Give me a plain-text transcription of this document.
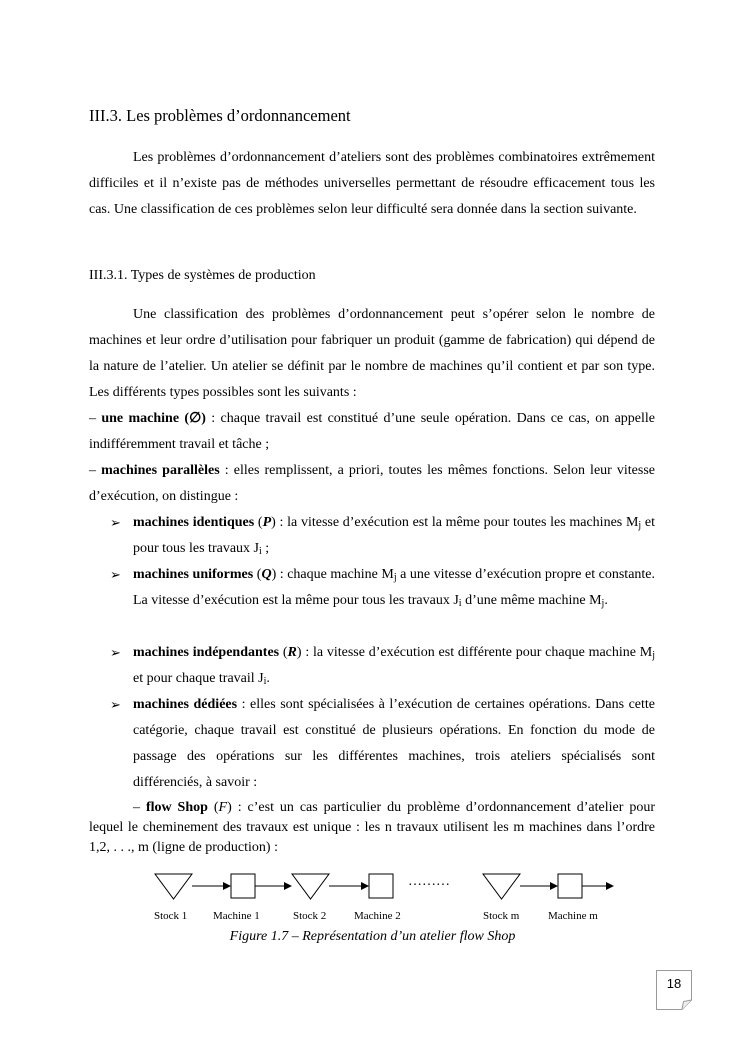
III.3. Les problèmes d’ordonnancement
Les problèmes d’ordonnancement d’ateliers sont des problèmes combinatoires extrêmement difficiles et il n’existe pas de méthodes universelles permettant de résoudre efficacement tous les cas. Une classification de ces problèmes selon leur difficulté sera donnée dans la section suivante.
III.3.1. Types de systèmes de production
Une classification des problèmes d’ordonnancement peut s’opérer selon le nombre de machines et leur ordre d’utilisation pour fabriquer un produit (gamme de fabrication) qui dépend de la nature de l’atelier. Un atelier se définit par le nombre de machines qu’il contient et par son type. Les différents types possibles sont les suivants :
– une machine (∅) : chaque travail est constitué d’une seule opération. Dans ce cas, on appelle indifféremment travail et tâche ;
– machines parallèles : elles remplissent, a priori, toutes les mêmes fonctions. Selon leur vitesse d’exécution, on distingue :
➢ machines identiques (P) : la vitesse d’exécution est la même pour toutes les machines $M_j$ et pour tous les travaux $J_i$ ;
➢ machines uniformes (Q) : chaque machine $M_j$ a une vitesse d’exécution propre et constante. La vitesse d’exécution est la même pour tous les travaux $J_i$ d’une même machine $M_j$.
➢ machines indépendantes (R) : la vitesse d’exécution est différente pour chaque machine $M_j$ et pour chaque travail $J_i$.
➢ machines dédiées : elles sont spécialisées à l’exécution de certaines opérations. Dans cette catégorie, chaque travail est constitué de plusieurs opérations. En fonction du mode de passage des opérations sur les différentes machines, trois ateliers spécialisés sont différenciés, à savoir :
– flow Shop (F) : c’est un cas particulier du problème d’ordonnancement d’atelier pour lequel le cheminement des travaux est unique : les n travaux utilisent les m machines dans l’ordre 1,2, . . ., m (ligne de production) :
………
Stock 1 Machine 1	Stock 2	Machine 2	Stock m	Machine m
Figure 1.7 – Représentation d’un atelier flow Shop
18
